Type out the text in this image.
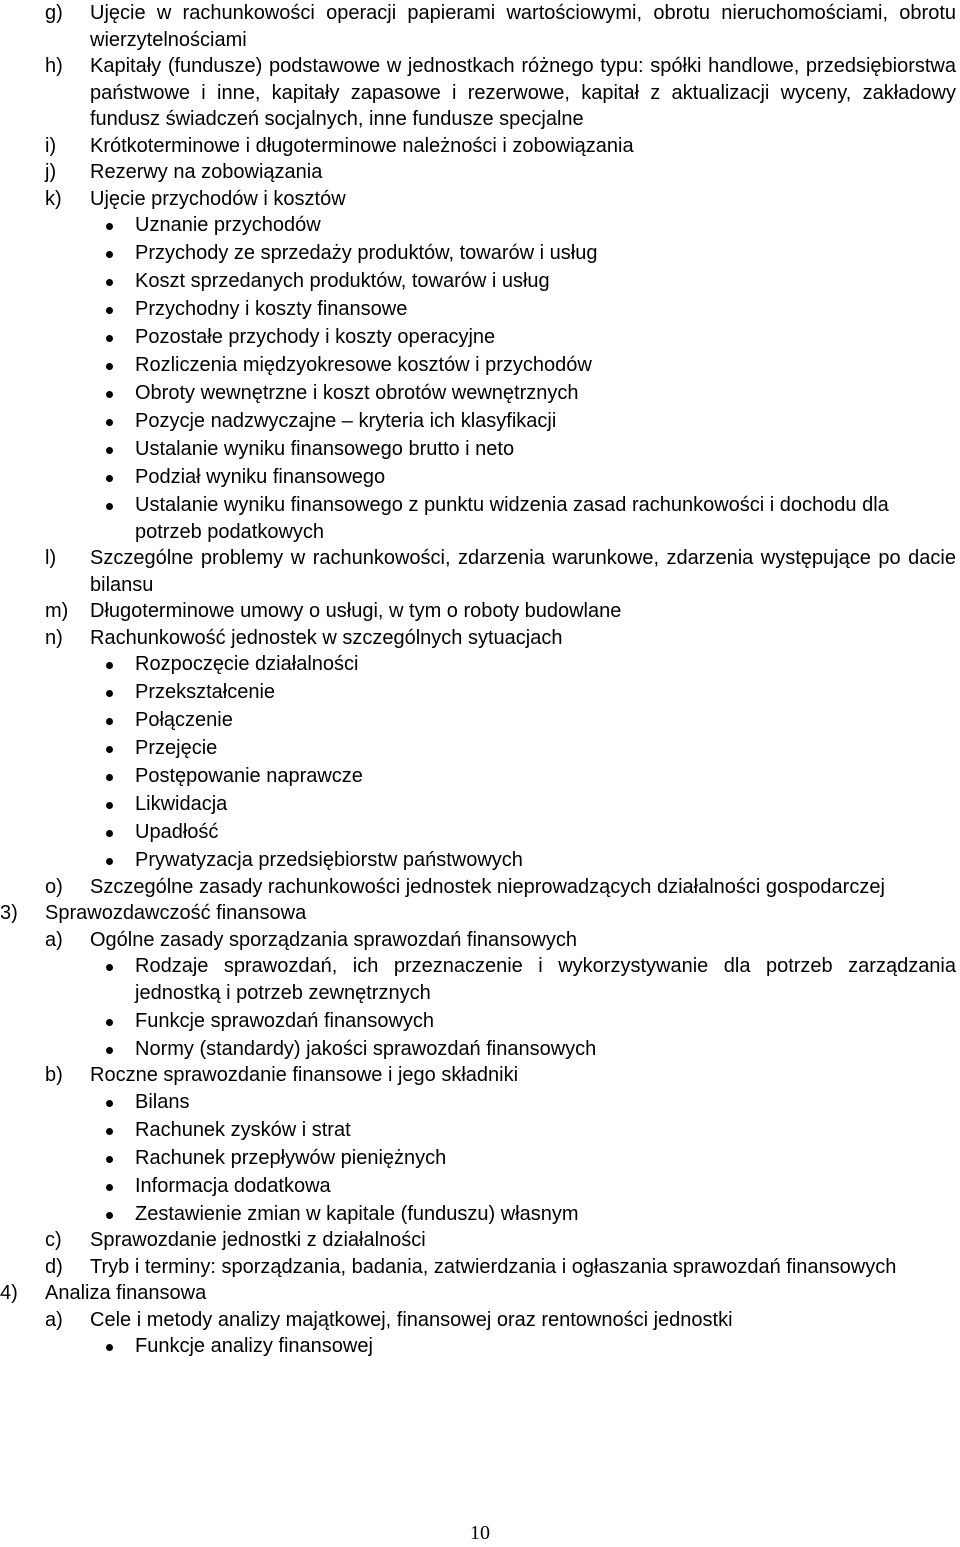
g) Ujęcie w rachunkowości operacji papierami wartościowymi, obrotu nieruchomościami, obrotu wierzytelnościami
h) Kapitały (fundusze) podstawowe w jednostkach różnego typu: spółki handlowe, przedsiębiorstwa państwowe i inne, kapitały zapasowe i rezerwowe, kapitał z aktualizacji wyceny, zakładowy fundusz świadczeń socjalnych, inne fundusze specjalne
i) Krótkoterminowe i długoterminowe należności i zobowiązania
j) Rezerwy na zobowiązania
k) Ujęcie przychodów i kosztów
Uznanie przychodów
Przychody ze sprzedaży produktów, towarów i usług
Koszt sprzedanych produktów, towarów i usług
Przychodny i koszty finansowe
Pozostałe przychody i koszty operacyjne
Rozliczenia międzyokresowe kosztów i przychodów
Obroty wewnętrzne i koszt obrotów wewnętrznych
Pozycje nadzwyczajne – kryteria ich klasyfikacji
Ustalanie wyniku finansowego brutto i neto
Podział wyniku finansowego
Ustalanie wyniku finansowego z punktu widzenia zasad rachunkowości i dochodu dla potrzeb podatkowych
l) Szczególne problemy w rachunkowości, zdarzenia warunkowe, zdarzenia występujące po dacie bilansu
m) Długoterminowe umowy o usługi, w tym o roboty budowlane
n) Rachunkowość jednostek w szczególnych sytuacjach
Rozpoczęcie działalności
Przekształcenie
Połączenie
Przejęcie
Postępowanie naprawcze
Likwidacja
Upadłość
Prywatyzacja przedsiębiorstw państwowych
o) Szczególne zasady rachunkowości jednostek nieprowadzących działalności gospodarczej
3) Sprawozdawczość finansowa
a) Ogólne zasady sporządzania sprawozdań finansowych
Rodzaje sprawozdań, ich przeznaczenie i wykorzystywanie dla potrzeb zarządzania jednostką i potrzeb zewnętrznych
Funkcje sprawozdań finansowych
Normy (standardy) jakości sprawozdań finansowych
b) Roczne sprawozdanie finansowe i jego składniki
Bilans
Rachunek zysków i strat
Rachunek przepływów pieniężnych
Informacja dodatkowa
Zestawienie zmian w kapitale (funduszu) własnym
c) Sprawozdanie jednostki z działalności
d) Tryb i terminy: sporządzania, badania, zatwierdzania i ogłaszania sprawozdań finansowych
4) Analiza finansowa
a) Cele i metody analizy majątkowej, finansowej oraz rentowności jednostki
Funkcje analizy finansowej
10
